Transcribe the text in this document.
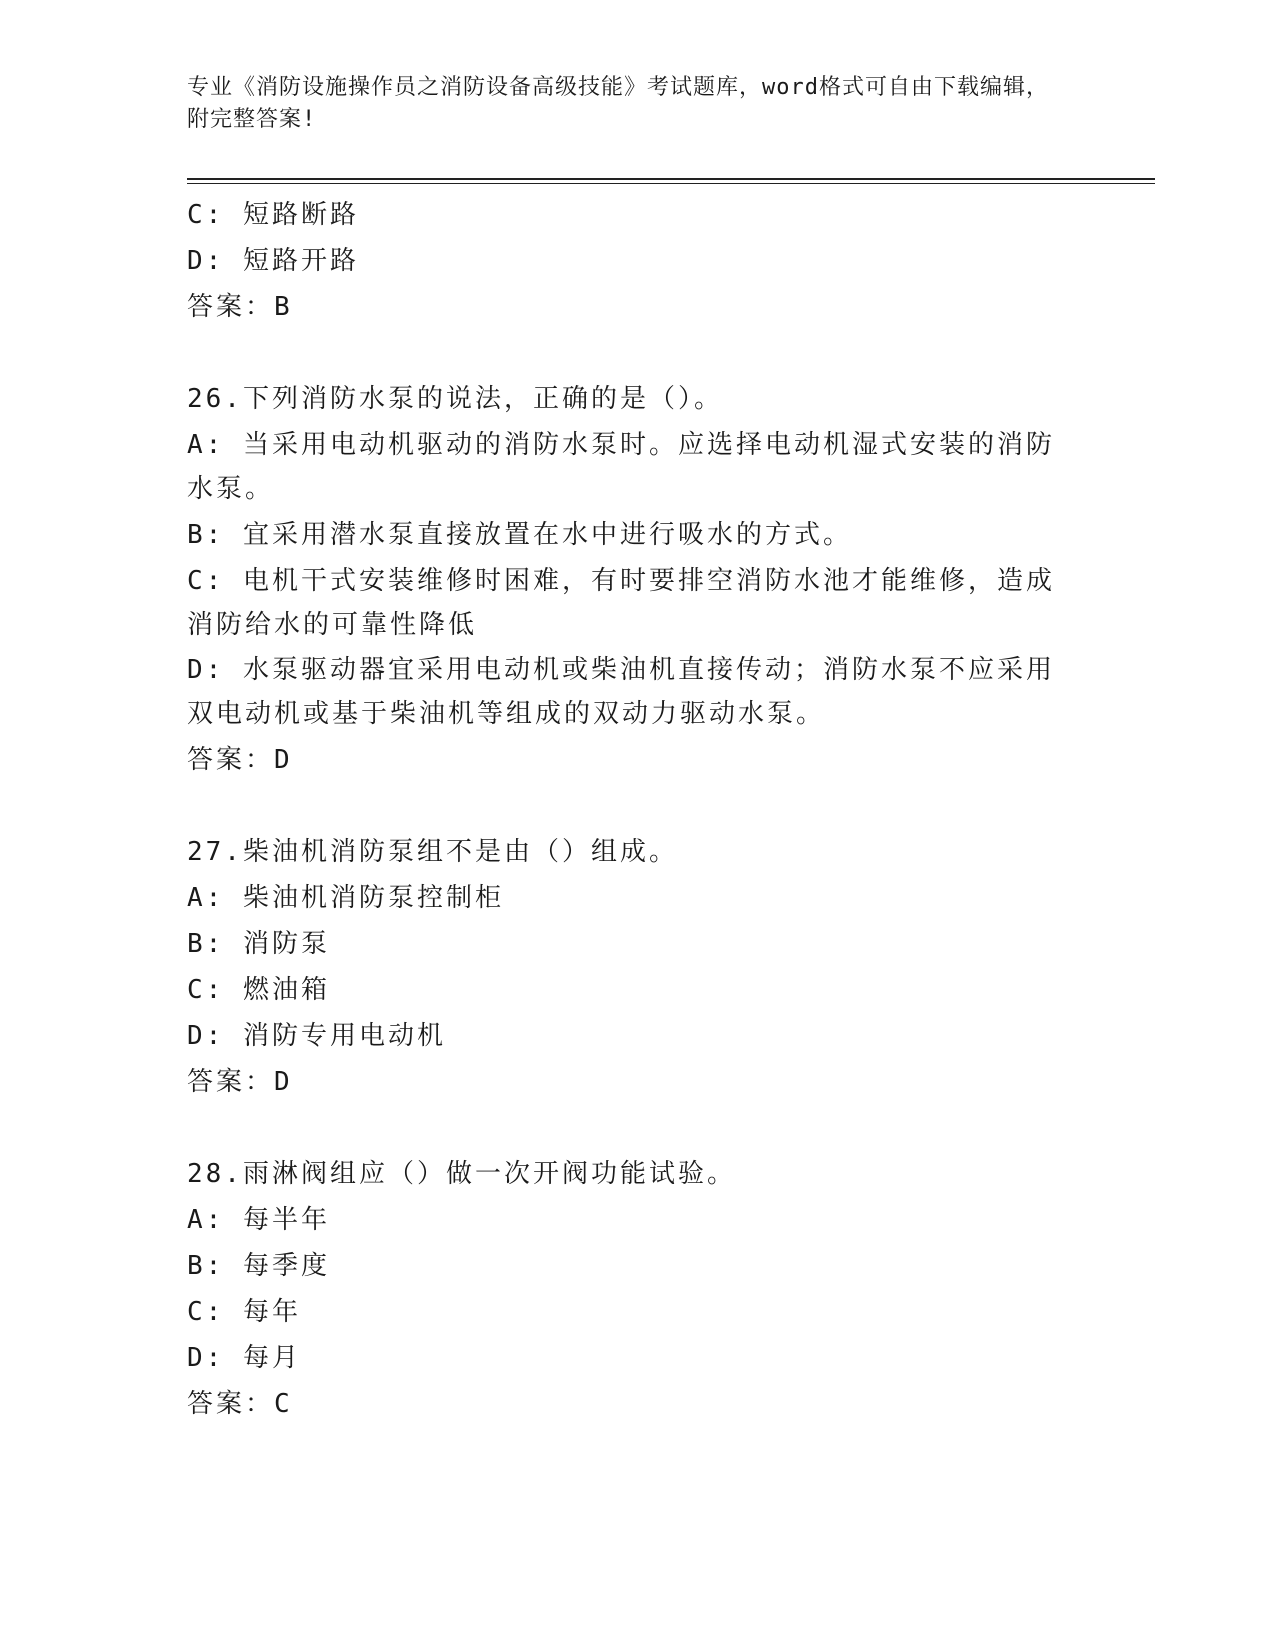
专业《消防设施操作员之消防设备高级技能》考试题库，word格式可自由下载编辑，附完整答案!
C: 短路断路
D: 短路开路
答案：B
26.下列消防水泵的说法，正确的是（）。
A: 当采用电动机驱动的消防水泵时。应选择电动机湿式安装的消防水泵。
B: 宜采用潜水泵直接放置在水中进行吸水的方式。
C: 电机干式安装维修时困难，有时要排空消防水池才能维修，造成消防给水的可靠性降低
D: 水泵驱动器宜采用电动机或柴油机直接传动；消防水泵不应采用双电动机或基于柴油机等组成的双动力驱动水泵。
答案：D
27.柴油机消防泵组不是由（）组成。
A: 柴油机消防泵控制柜
B: 消防泵
C: 燃油箱
D: 消防专用电动机
答案：D
28.雨淋阀组应（）做一次开阀功能试验。
A: 每半年
B: 每季度
C: 每年
D: 每月
答案：C
